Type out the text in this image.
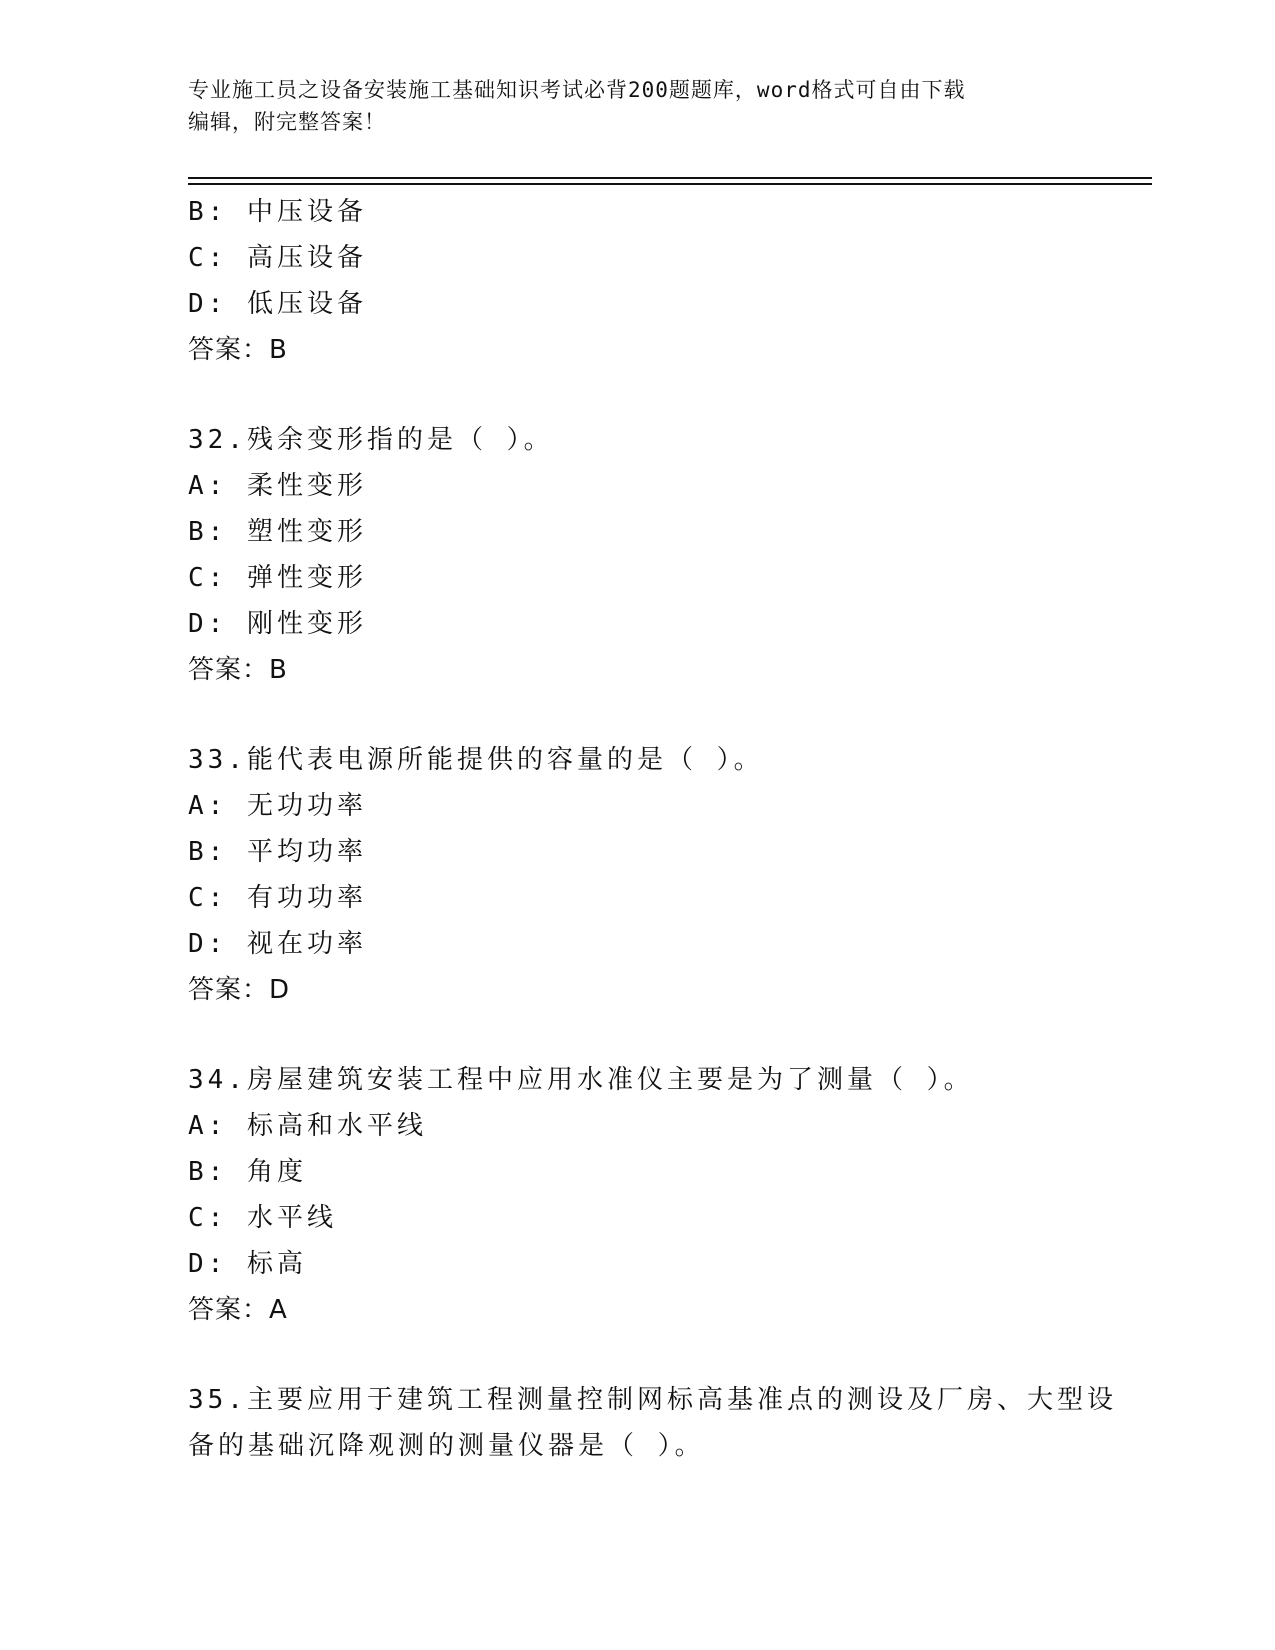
专业施工员之设备安装施工基础知识考试必背200题题库，word格式可自由下载
编辑，附完整答案！
B: 中压设备
C: 高压设备
D: 低压设备
答案：B
32.残余变形指的是（ ）。
A: 柔性变形
B: 塑性变形
C: 弹性变形
D: 刚性变形
答案：B
33.能代表电源所能提供的容量的是（ ）。
A: 无功功率
B: 平均功率
C: 有功功率
D: 视在功率
答案：D
34.房屋建筑安装工程中应用水准仪主要是为了测量（ ）。
A: 标高和水平线
B: 角度
C: 水平线
D: 标高
答案：A
35.主要应用于建筑工程测量控制网标高基准点的测设及厂房、大型设
备的基础沉降观测的测量仪器是（ ）。
